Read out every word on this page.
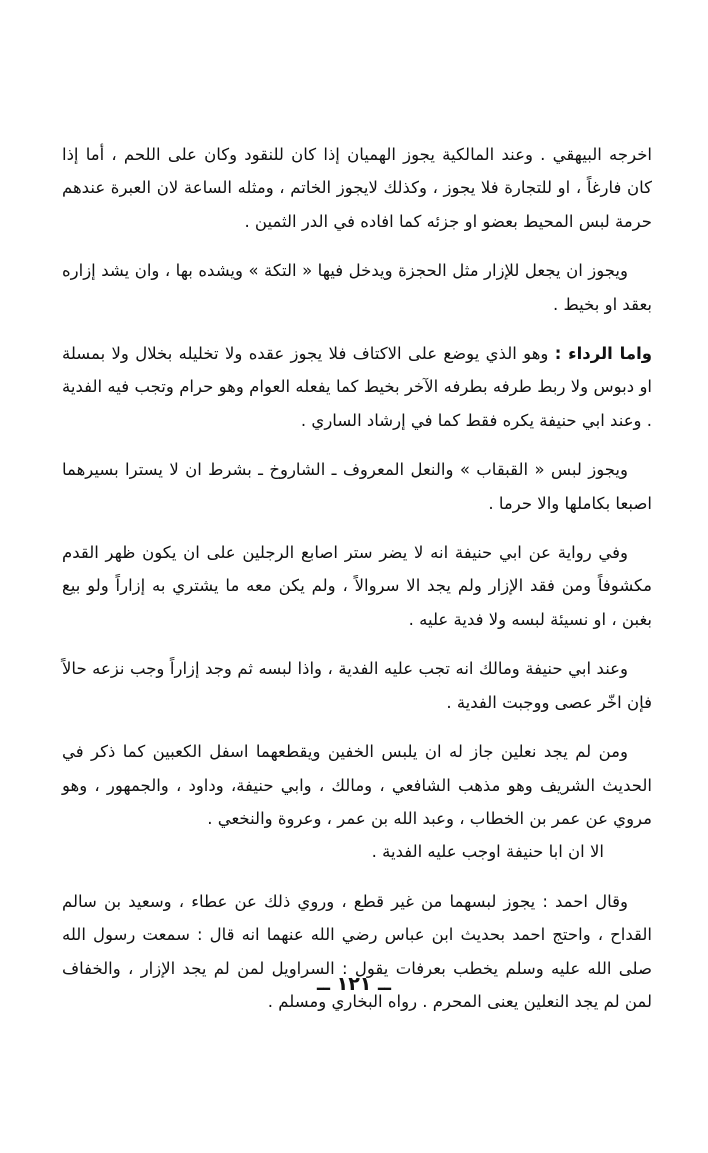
اخرجه البيهقي . وعند المالكية يجوز الهميان إذا كان للنقود وكان على اللحم ، أما إذا كان فارغاً ، او للتجارة فلا يجوز ، وكذلك لايجوز الخاتم ، ومثله الساعة لان العبرة عندهم حرمة لبس المحيط بعضو او جزئه كما افاده في الدر‌ الثمين .

ويجوز ان يجعل للإزار مثل الحجزة ويدخل فيها « التكة » ويشده بها ، وان يشد إزاره بعقد او بخيط .

واما الرداء : وهو الذي يوضع على الاكتاف فلا يجوز عقده ولا تخليله بخلال ولا بمسلة او دبوس ولا ربط طرفه بطرفه الآخر بخيط كما يفعله العوام وهو حرام وتجب فيه الفدية . وعند ابي حنيفة يكره فقط كما في إرشاد الساري .

ويجوز لبس « القبقاب » والنعل المعروف ـ الشاروخ ـ بشرط ان لا يسترا بسيرهما اصبعا بكاملها والا حرما .

وفي رواية عن ابي حنيفة انه لا يضر ستر اصابع الرجلين على ان يكون ظهر القدم مكشوفاً ومن فقد الإزار ولم يجد الا سروالاً ، ولم يكن معه ما يشتري به إزاراً ولو بيع بغبن ، او نسيئة لبسه ولا فدية عليه .

وعند ابي حنيفة ومالك انه تجب عليه الفدية ، واذا لبسه ثم وجد إزاراً وجب نزعه حالاً فإن اخّر عصى ووجبت الفدية .

ومن لم يجد نعلين جاز له ان يلبس الخفين ويقطعهما اسفل الكعبين كما ذكر في الحديث الشريف وهو مذهب الشافعي ، ومالك ، وابي حنيفة، وداود ، والجمهور ، وهو مروي عن عمر بن الخطاب ، وعبد الله بن عمر ، وعروة والنخعي .

الا ان ابا حنيفة اوجب عليه الفدية .

وقال احمد : يجوز لبسهما من غير قطع ، وروي ذلك عن عطاء ، وسعيد بن سالم القداح ، واحتج احمد بحديث ابن عباس رضي الله عنهما انه قال : سمعت رسول الله صلى الله عليه وسلم يخطب بعرفات يقول : السراويل لمن لم يجد الإزار ، والخفاف لمن لم يجد النعلين يعنى المحرم . رواه البخاري ومسلم .

ــ ١٢١ ــ
